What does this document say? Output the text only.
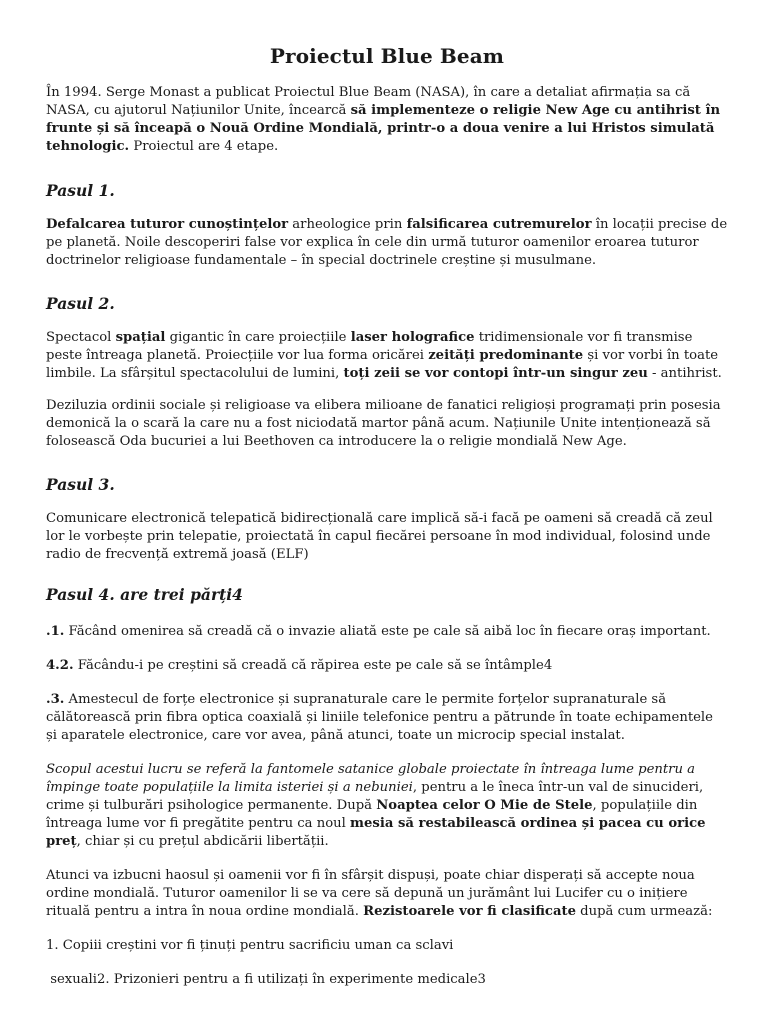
Proiectul Blue Beam

În 1994. Serge Monast a publicat Proiectul Blue Beam (NASA), în care a detaliat afirmația sa că NASA, cu ajutorul Națiunilor Unite, încearcă să implementeze o religie New Age cu antihrist în frunte și să înceapă o Nouă Ordine Mondială, printr-o a doua venire a lui Hristos simulată tehnologic. Proiectul are 4 etape.

Pasul 1.

Defalcarea tuturor cunoștințelor arheologice prin falsificarea cutremurelor în locații precise de pe planetă. Noile descoperiri false vor explica în cele din urmă tuturor oamenilor eroarea tuturor doctrinelor religioase fundamentale – în special doctrinele creștine și musulmane.

Pasul 2.

Spectacol spațial gigantic în care proiecțiile laser holografice tridimensionale vor fi transmise peste întreaga planetă. Proiecțiile vor lua forma oricărei zeități predominante și vor vorbi în toate limbile. La sfârșitul spectacolului de lumini, toți zeii se vor contopi într-un singur zeu - antihrist.

Deziluzia ordinii sociale și religioase va elibera milioane de fanatici religioși programați prin posesia demonică la o scară la care nu a fost niciodată martor până acum. Națiunile Unite intenționează să folosească Oda bucuriei a lui Beethoven ca introducere la o religie mondială New Age.

Pasul 3.

Comunicare electronică telepatică bidirecțională care implică să-i facă pe oameni să creadă că zeul lor le vorbește prin telepatie, proiectată în capul fiecărei persoane în mod individual, folosind unde radio de frecvență extremă joasă (ELF)

Pasul 4. are trei părți4

.1. Făcând omenirea să creadă că o invazie aliată este pe cale să aibă loc în fiecare oraș important.

4.2. Făcându-i pe creștini să creadă că răpirea este pe cale să se întâmple4

.3. Amestecul de forțe electronice și supranaturale care le permite forțelor supranaturale să călătorească prin fibra optica coaxială și liniile telefonice pentru a pătrunde în toate echipamentele și aparatele electronice, care vor avea, până atunci, toate un microcip special instalat.

Scopul acestui lucru se referă la fantomele satanice globale proiectate în întreaga lume pentru a împinge toate populațiile la limita isteriei și a nebuniei, pentru a le îneca într-un val de sinucideri, crime și tulburări psihologice permanente. După Noaptea celor O Mie de Stele, populațiile din întreaga lume vor fi pregătite pentru ca noul mesia să restabilească ordinea și pacea cu orice preț, chiar și cu prețul abdicării libertății.

Atunci va izbucni haosul și oamenii vor fi în sfârșit dispuși, poate chiar disperați să accepte noua ordine mondială. Tuturor oamenilor li se va cere să depună un jurământ lui Lucifer cu o inițiere rituală pentru a intra în noua ordine mondială. Rezistoarele vor fi clasificate după cum urmează:

1. Copiii creștini vor fi ținuți pentru sacrificiu uman ca sclavi

sexuali2. Prizonieri pentru a fi utilizați în experimente medicale3
